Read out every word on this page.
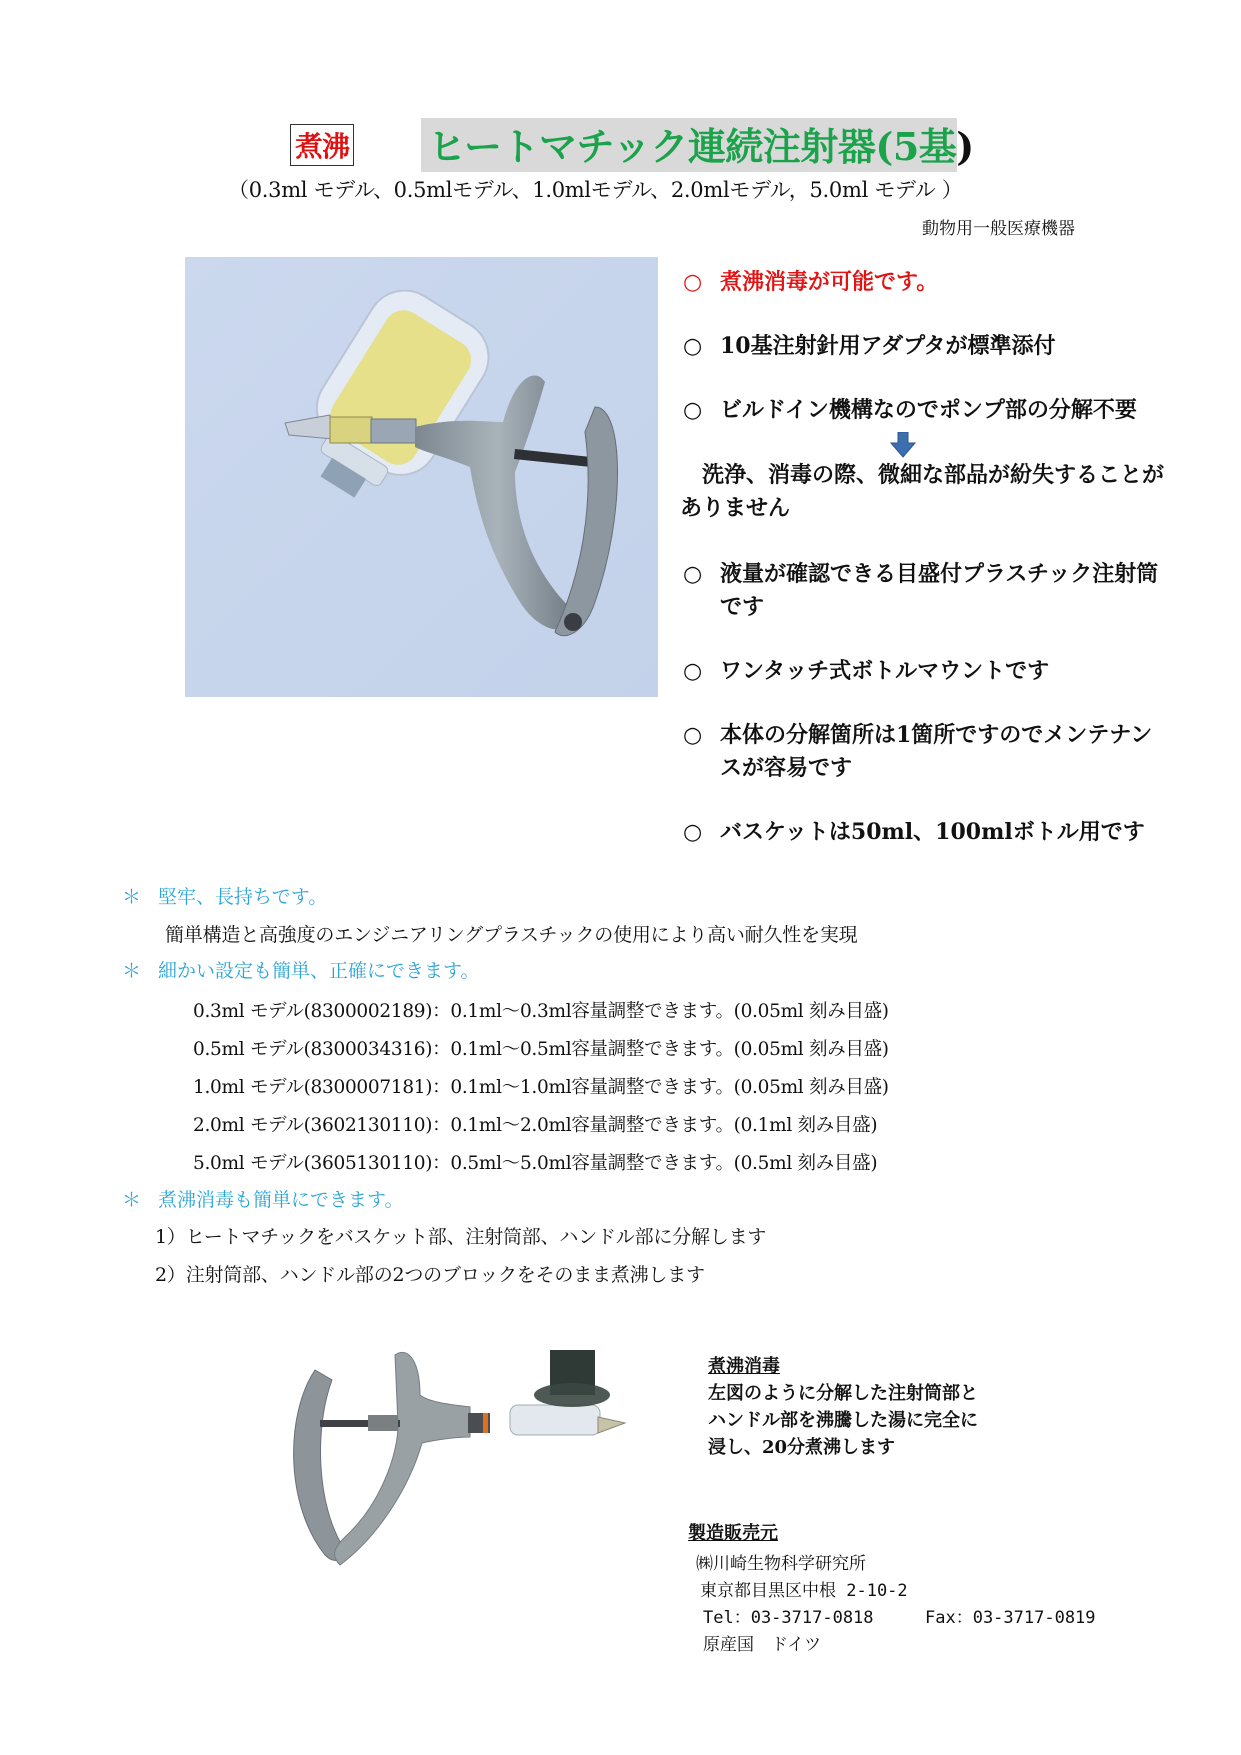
煮沸 ヒートマチック連続注射器(5基)
（0.3ml モデル、0.5mlモデル、1.0mlモデル、2.0mlモデル，5.0ml モデル ）
動物用一般医療機器
○ 煮沸消毒が可能です。
○ 10基注射針用アダプタが標準添付
○ ビルドイン機構なのでポンプ部の分解不要
洗浄、消毒の際、微細な部品が紛失することがありません
○ 液量が確認できる目盛付プラスチック注射筒です
○ ワンタッチ式ボトルマウントです
○ 本体の分解箇所は1箇所ですのでメンテナンスが容易です
○ バスケットは50ml、100mlボトル用です
＊ 堅牢、長持ちです。
簡単構造と高強度のエンジニアリングプラスチックの使用により高い耐久性を実現
＊ 細かい設定も簡単、正確にできます。
0.3ml モデル(8300002189)：0.1ml～0.3ml容量調整できます。(0.05ml 刻み目盛)
0.5ml モデル(8300034316)：0.1ml～0.5ml容量調整できます。(0.05ml 刻み目盛)
1.0ml モデル(8300007181)：0.1ml～1.0ml容量調整できます。(0.05ml 刻み目盛)
2.0ml モデル(3602130110)：0.1ml～2.0ml容量調整できます。(0.1ml 刻み目盛)
5.0ml モデル(3605130110)：0.5ml～5.0ml容量調整できます。(0.5ml 刻み目盛)
＊ 煮沸消毒も簡単にできます。
1）ヒートマチックをバスケット部、注射筒部、ハンドル部に分解します
2）注射筒部、ハンドル部の2つのブロックをそのまま煮沸します
煮沸消毒
左図のように分解した注射筒部と
ハンドル部を沸騰した湯に完全に
浸し、20分煮沸します
製造販売元
㈱川崎生物科学研究所
東京都目黒区中根 2-10-2
Tel：03-3717-0818	Fax：03-3717-0819
原産国　ドイツ
